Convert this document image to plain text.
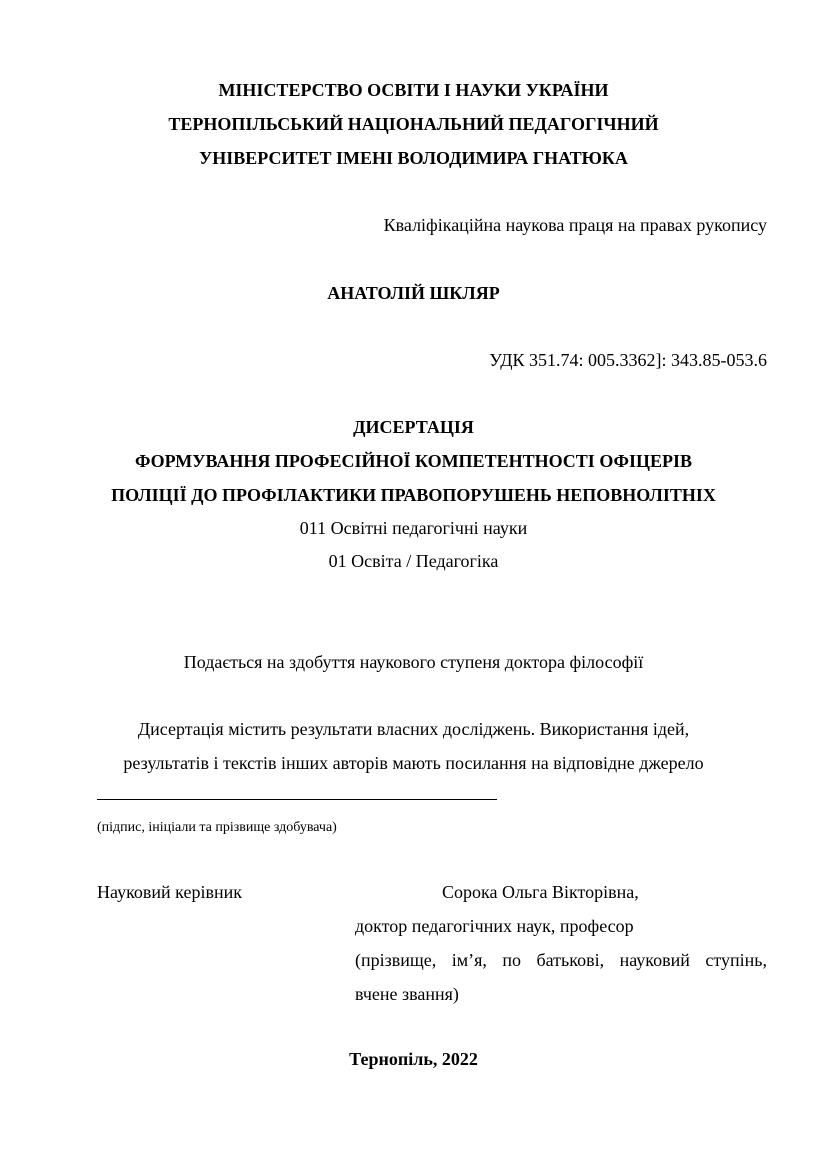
МІНІСТЕРСТВО ОСВІТИ І НАУКИ УКРАЇНИ
ТЕРНОПІЛЬСЬКИЙ НАЦІОНАЛЬНИЙ ПЕДАГОГІЧНИЙ
УНІВЕРСИТЕТ ІМЕНІ ВОЛОДИМИРА ГНАТЮКА
Кваліфікаційна наукова праця на правах рукопису
АНАТОЛІЙ ШКЛЯР
УДК 351.74: 005.3362]: 343.85-053.6
ДИСЕРТАЦІЯ
ФОРМУВАННЯ ПРОФЕСІЙНОЇ КОМПЕТЕНТНОСТІ ОФІЦЕРІВ
ПОЛІЦІЇ ДО ПРОФІЛАКТИКИ ПРАВОПОРУШЕНЬ НЕПОВНОЛІТНІХ
011 Освітні педагогічні науки
01 Освіта / Педагогіка
Подається на здобуття наукового ступеня доктора філософії
Дисертація містить результати власних досліджень. Використання ідей,
результатів і текстів інших авторів мають посилання на відповідне джерело
(підпис, ініціали та прізвище здобувача)
Науковий керівник	Сорока Ольга Вікторівна,
доктор педагогічних наук, професор
(прізвище, ім’я, по батькові, науковий ступінь,
вчене звання)
Тернопіль, 2022
